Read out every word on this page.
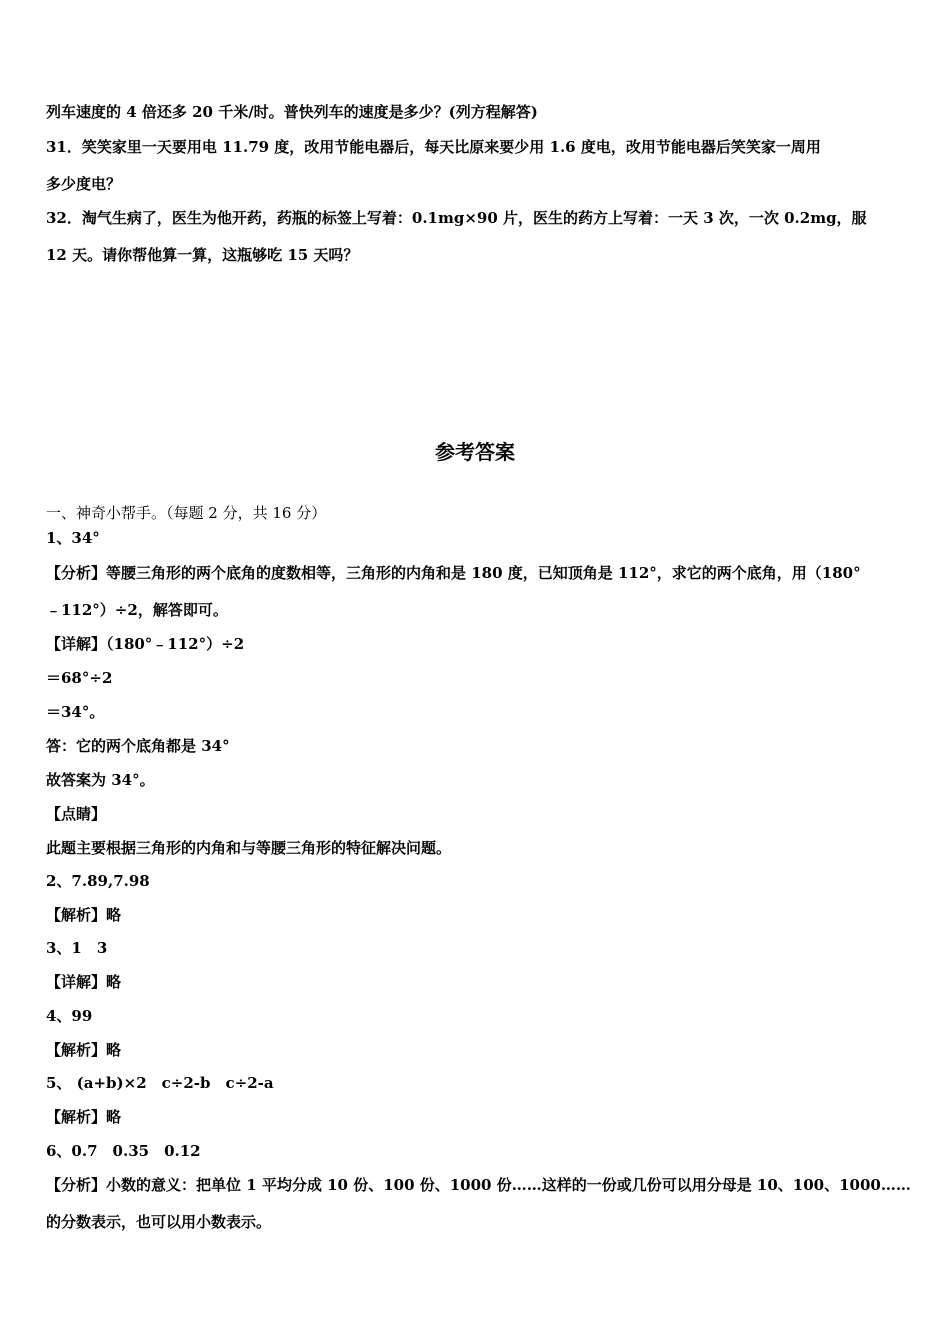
列车速度的 4 倍还多 20 千米/时。普快列车的速度是多少？(列方程解答)
31．笑笑家里一天要用电 11.79 度，改用节能电器后，每天比原来要少用 1.6 度电，改用节能电器后笑笑家一周用
多少度电？
32．淘气生病了，医生为他开药，药瓶的标签上写着：0.1mg×90 片，医生的药方上写着：一天 3 次，一次 0.2mg，服
12 天。请你帮他算一算，这瓶够吃 15 天吗？
参考答案
一、神奇小帮手。（每题 2 分，共 16 分）
1、34°
【分析】等腰三角形的两个底角的度数相等，三角形的内角和是 180 度，已知顶角是 112°，求它的两个底角，用（180°
﹣112°）÷2，解答即可。
【详解】（180°﹣112°）÷2
＝68°÷2
＝34°。
答：它的两个底角都是 34°
故答案为 34°。
【点睛】
此题主要根据三角形的内角和与等腰三角形的特征解决问题。
2、7.89,7.98
【解析】略
3、1　3
【详解】略
4、99
【解析】略
5、 (a+b)×2　c÷2-b　c÷2-a
【解析】略
6、0.7　0.35　0.12
【分析】小数的意义：把单位 1 平均分成 10 份、100 份、1000 份……这样的一份或几份可以用分母是 10、100、1000……
的分数表示，也可以用小数表示。
